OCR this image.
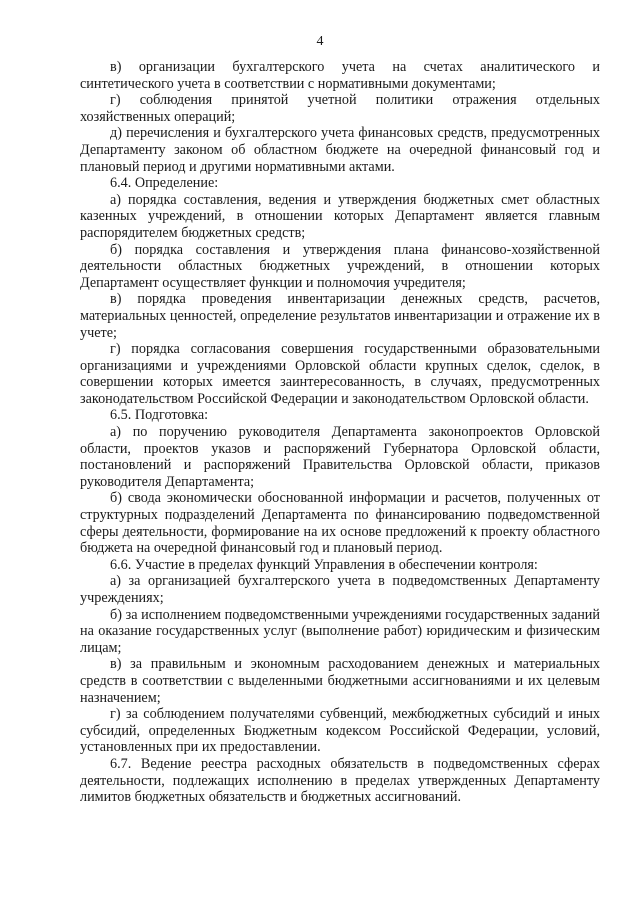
4

в) организации бухгалтерского учета на счетах аналитического и синтетического учета в соответствии с нормативными документами;

г) соблюдения принятой учетной политики отражения отдельных хозяйственных операций;

д) перечисления и бухгалтерского учета финансовых средств, предусмотренных Департаменту законом об областном бюджете на очередной финансовый год и плановый период и другими нормативными актами.

6.4. Определение:

а) порядка составления, ведения и утверждения бюджетных смет областных казенных учреждений, в отношении которых Департамент является главным распорядителем бюджетных средств;

б) порядка составления и утверждения плана финансово-хозяйственной деятельности областных бюджетных учреждений, в отношении которых Департамент осуществляет функции и полномочия учредителя;

в) порядка проведения инвентаризации денежных средств, расчетов, материальных ценностей, определение результатов инвентаризации и отражение их в учете;

г) порядка согласования совершения государственными образовательными организациями и учреждениями Орловской области крупных сделок, сделок, в совершении которых имеется заинтересованность, в случаях, предусмотренных законодательством Российской Федерации и законодательством Орловской области.

6.5. Подготовка:

а) по поручению руководителя Департамента законопроектов Орловской области, проектов указов и распоряжений Губернатора Орловской области, постановлений и распоряжений Правительства Орловской области, приказов руководителя Департамента;

б) свода экономически обоснованной информации и расчетов, полученных от структурных подразделений Департамента по финансированию подведомственной сферы деятельности, формирование на их основе предложений к проекту областного бюджета на очередной финансовый год и плановый период.

6.6. Участие в пределах функций Управления в обеспечении контроля:

а) за организацией бухгалтерского учета в подведомственных Департаменту учреждениях;

б) за исполнением подведомственными учреждениями государственных заданий на оказание государственных услуг (выполнение работ) юридическим и физическим лицам;

в) за правильным и экономным расходованием денежных и материальных средств в соответствии с выделенными бюджетными ассигнованиями и их целевым назначением;

г) за соблюдением получателями субвенций, межбюджетных субсидий и иных субсидий, определенных Бюджетным кодексом Российской Федерации, условий, установленных при их предоставлении.

6.7. Ведение реестра расходных обязательств в подведомственных сферах деятельности, подлежащих исполнению в пределах утвержденных Департаменту лимитов бюджетных обязательств и бюджетных ассигнований.
